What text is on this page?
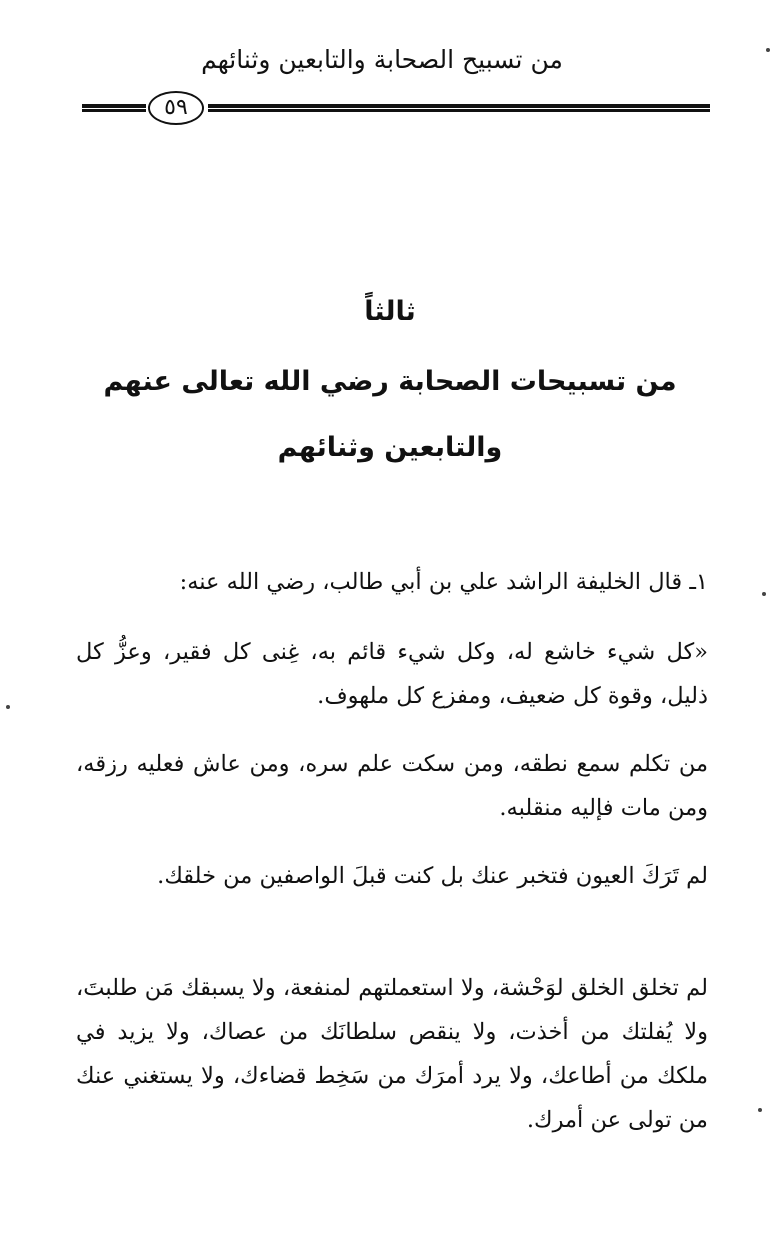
من تسبيح الصحابة والتابعين وثنائهم
٥٩
ثالثاً
من تسبيحات الصحابة رضي الله تعالى عنهم
والتابعين وثنائهم

١ـ قال الخليفة الراشد علي بن أبي طالب، رضي الله عنه:

«كل شيء خاشع له، وكل شيء قائم به، غِنى كل فقير، وعزُّ كل ذليل، وقوة كل ضعيف، ومفزع كل ملهوف.

من تكلم سمع نطقه، ومن سكت علم سره، ومن عاش فعليه رزقه، ومن مات فإليه منقلبه.

لم تَرَكَ العيون فتخبر عنك بل كنت قبلَ الواصفين من خلقك.

لم تخلق الخلق لوَحْشة، ولا استعملتهم لمنفعة، ولا يسبقك مَن طلبتَ، ولا يُفلتك من أخذت، ولا ينقص سلطانَك من عصاك، ولا يزيد في ملكك من أطاعك، ولا يرد أمرَك من سَخِط قضاءك، ولا يستغني عنك من تولى عن أمرك.
